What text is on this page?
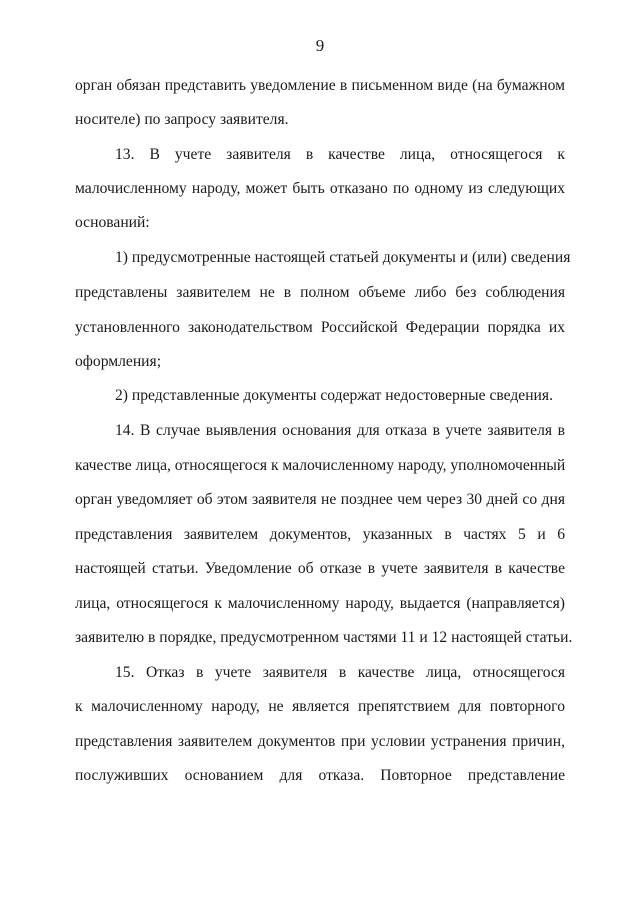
9
орган обязан представить уведомление в письменном виде (на бумажном
носителе) по запросу заявителя.
13. В учете заявителя в качестве лица, относящегося к
малочисленному народу, может быть отказано по одному из следующих
оснований:
1) предусмотренные настоящей статьей документы и (или) сведения
представлены заявителем не в полном объеме либо без соблюдения
установленного законодательством Российской Федерации порядка их
оформления;
2) представленные документы содержат недостоверные сведения.
14. В случае выявления основания для отказа в учете заявителя в
качестве лица, относящегося к малочисленному народу, уполномоченный
орган уведомляет об этом заявителя не позднее чем через 30 дней со дня
представления заявителем документов, указанных в частях 5 и 6
настоящей статьи. Уведомление об отказе в учете заявителя в качестве
лица, относящегося к малочисленному народу, выдается (направляется)
заявителю в порядке, предусмотренном частями 11 и 12 настоящей статьи.
15. Отказ в учете заявителя в качестве лица, относящегося
к малочисленному народу, не является препятствием для повторного
представления заявителем документов при условии устранения причин,
послуживших основанием для отказа. Повторное представление
